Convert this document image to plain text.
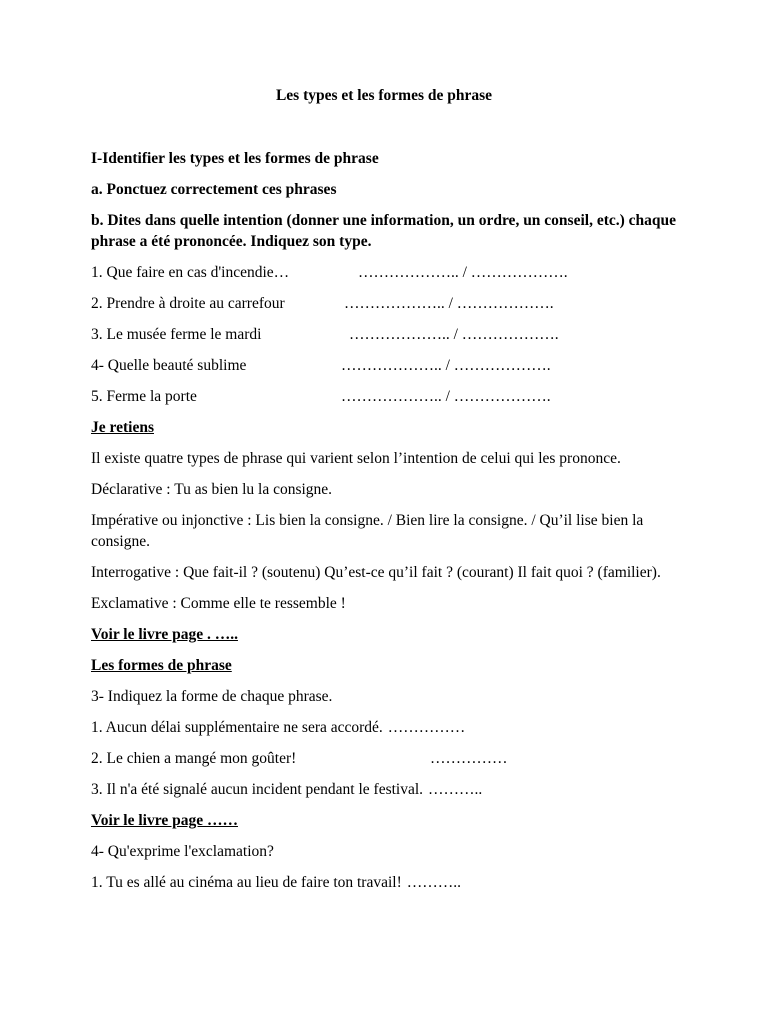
Les types et les formes de phrase

I-Identifier les types et les formes de phrase

a. Ponctuez correctement ces phrases

b. Dites dans quelle intention (donner une information, un ordre, un conseil, etc.) chaque phrase a été prononcée. Indiquez son type.

1. Que faire en cas d'incendie…	……………….. / ……………….
2. Prendre à droite au carrefour	……………….. / ……………….
3. Le musée ferme le mardi	……………….. / ……………….
4- Quelle beauté sublime	……………….. / ……………….
5. Ferme la porte	……………….. / ……………….

Je retiens

Il existe quatre types de phrase qui varient selon l’intention de celui qui les prononce.

Déclarative : Tu as bien lu la consigne.

Impérative ou injonctive : Lis bien la consigne. / Bien lire la consigne. / Qu’il lise bien la consigne.

Interrogative : Que fait-il ? (soutenu) Qu’est-ce qu’il fait ? (courant) Il fait quoi ? (familier).

Exclamative : Comme elle te ressemble !

Voir le livre page . …..

Les formes de phrase

3- Indiquez la forme de chaque phrase.

1. Aucun délai supplémentaire ne sera accordé. ……………
2. Le chien a mangé mon goûter!	……………
3. Il n'a été signalé aucun incident pendant le festival. ………..

Voir le livre page ……

4- Qu'exprime l'exclamation?

1. Tu es allé au cinéma au lieu de faire ton travail! ………..
